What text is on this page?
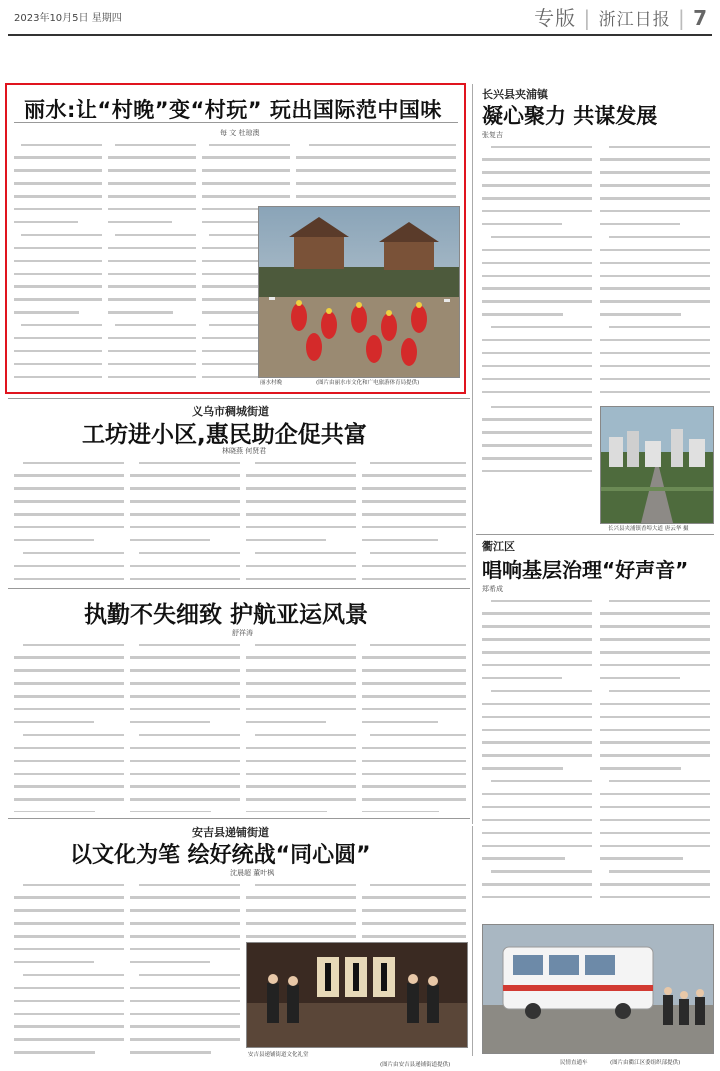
2023年10月5日 星期四	专版 | 浙江日报 | 7
丽水:让“村晚”变“村玩” 玩出国际范中国味
每 文 杜琼澳
丽水村晚	(图片由丽水市文化和广电旅游体育局提供)
长兴县夹浦镇
凝心聚力 共谋发展
张复吉
长兴县夹浦镇香埠大道 唐云华 摄
义乌市稠城街道
工坊进小区,惠民助企促共富
林晓燕 何贤君
执勤不失细致 护航亚运风景
舒祥涛
衢江区
唱响基层治理“好声音”
郑希成
安吉县递铺街道
以文化为笔 绘好统战“同心圆”
沈晨超 董叶枫
安吉县递铺街道文化礼堂
(图片由安吉县递铺街道提供)	民情直通车	(图片由衢江区委组织部提供)
